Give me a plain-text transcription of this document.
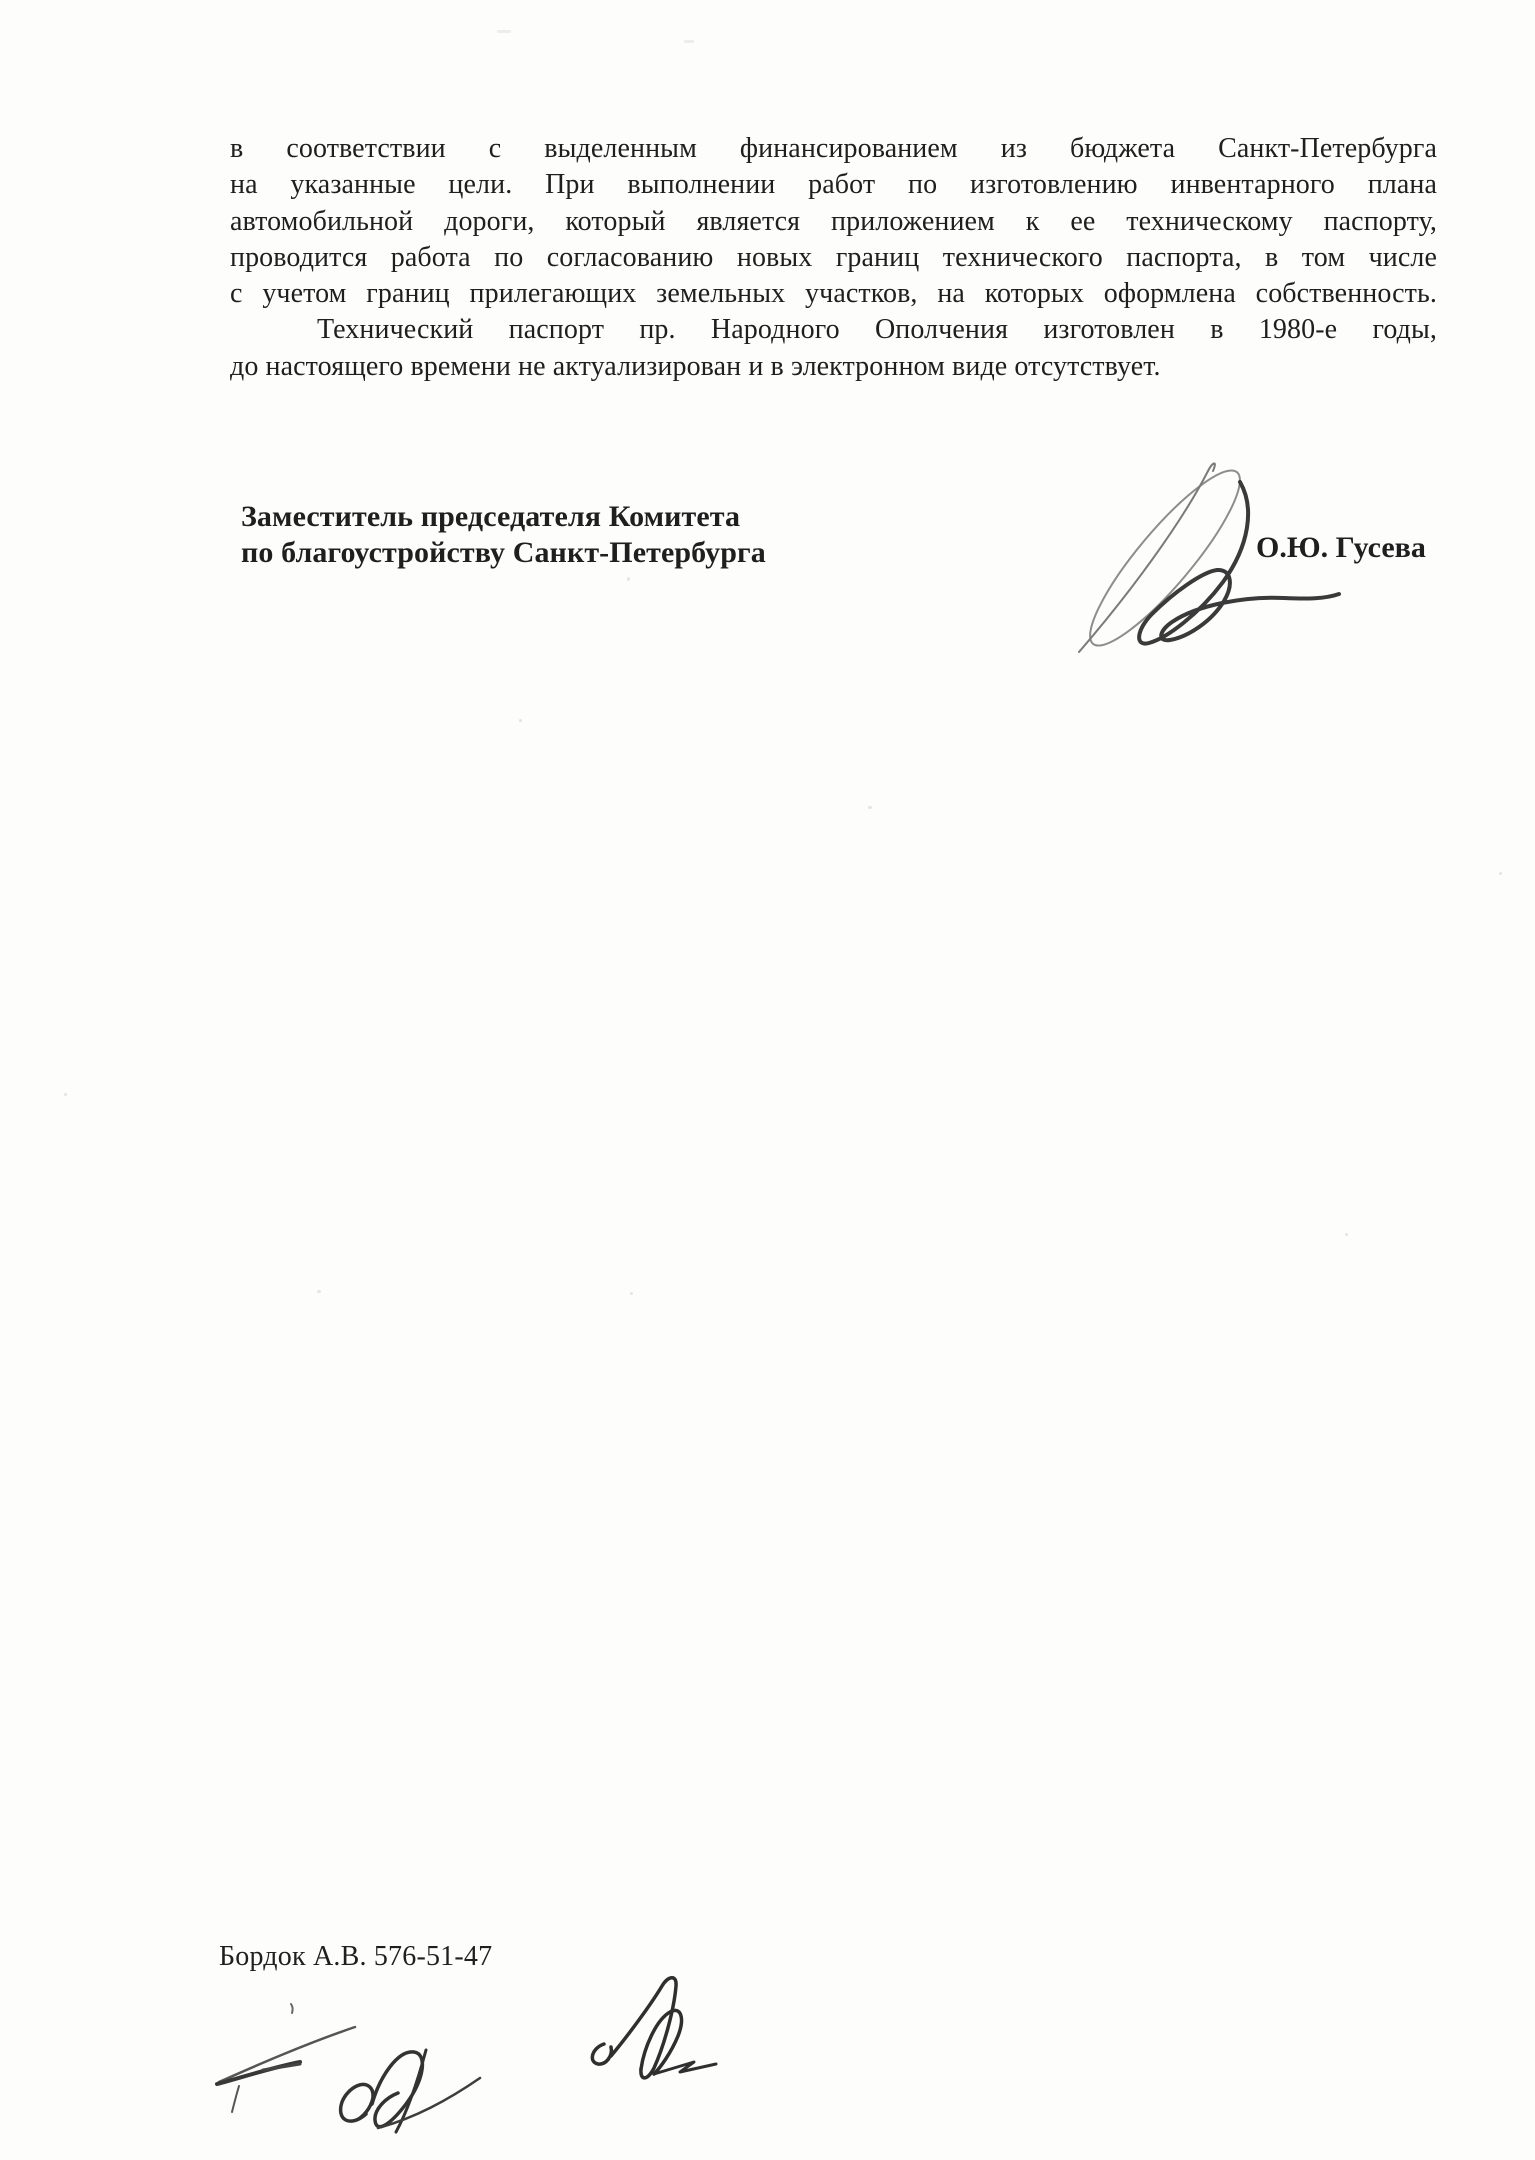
в соответствии с выделенным финансированием из бюджета Санкт-Петербурга
на указанные цели. При выполнении работ по изготовлению инвентарного плана
автомобильной дороги, который является приложением к ее техническому паспорту,
проводится работа по согласованию новых границ технического паспорта, в том числе
с учетом границ прилегающих земельных участков, на которых оформлена собственность.
Технический паспорт пр. Народного Ополчения изготовлен в 1980-е годы,
до настоящего времени не актуализирован и в электронном виде отсутствует.
Заместитель председателя Комитета
по благоустройству Санкт-Петербурга	О.Ю. Гусева
Бордок А.В. 576-51-47
